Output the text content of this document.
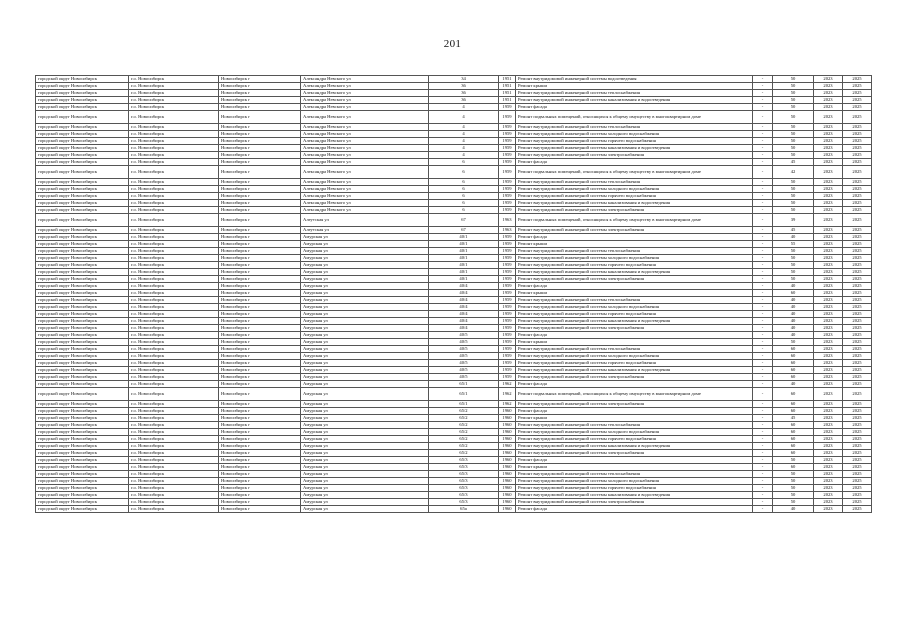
201
городской округ Новосибирск	г.о. Новосибирск	Новосибирск г	Александра Невского ул	34	1951	Ремонт внутридомовой инженерной системы водоотведения	-	50	2023	2025
городской округ Новосибирск	г.о. Новосибирск	Новосибирск г	Александра Невского ул	36	1951	Ремонт крыши	-	50	2023	2025
городской округ Новосибирск	г.о. Новосибирск	Новосибирск г	Александра Невского ул	36	1951	Ремонт внутридомовой инженерной системы теплоснабжения	-	50	2023	2025
городской округ Новосибирск	г.о. Новосибирск	Новосибирск г	Александра Невского ул	36	1951	Ремонт внутридомовой инженерной системы канализования и водоотведения	-	50	2023	2025
городской округ Новосибирск	г.о. Новосибирск	Новосибирск г	Александра Невского ул	4	1959	Ремонт фасада	-	50	2023	2025
городской округ Новосибирск	г.о. Новосибирск	Новосибирск г	Александра Невского ул	4	1959	Ремонт подвальных помещений, относящихся к общему имуществу в многоквартирном доме	-	50	2023	2025
городской округ Новосибирск	г.о. Новосибирск	Новосибирск г	Александра Невского ул	4	1959	Ремонт внутридомовой инженерной системы теплоснабжения	-	50	2023	2025
городской округ Новосибирск	г.о. Новосибирск	Новосибирск г	Александра Невского ул	4	1959	Ремонт внутридомовой инженерной системы холодного водоснабжения	-	50	2023	2025
городской округ Новосибирск	г.о. Новосибирск	Новосибирск г	Александра Невского ул	4	1959	Ремонт внутридомовой инженерной системы горячего водоснабжения	-	50	2023	2025
городской округ Новосибирск	г.о. Новосибирск	Новосибирск г	Александра Невского ул	4	1959	Ремонт внутридомовой инженерной системы канализования и водоотведения	-	50	2023	2025
городской округ Новосибирск	г.о. Новосибирск	Новосибирск г	Александра Невского ул	4	1959	Ремонт внутридомовой инженерной системы электроснабжения	-	50	2023	2025
городской округ Новосибирск	г.о. Новосибирск	Новосибирск г	Александра Невского ул	6	1959	Ремонт фасада	-	45	2023	2025
городской округ Новосибирск	г.о. Новосибирск	Новосибирск г	Александра Невского ул	6	1959	Ремонт подвальных помещений, относящихся к общему имуществу в многоквартирном доме	-	42	2023	2025
городской округ Новосибирск	г.о. Новосибирск	Новосибирск г	Александра Невского ул	6	1959	Ремонт внутридомовой инженерной системы теплоснабжения	-	50	2023	2025
городской округ Новосибирск	г.о. Новосибирск	Новосибирск г	Александра Невского ул	6	1959	Ремонт внутридомовой инженерной системы холодного водоснабжения	-	50	2023	2025
городской округ Новосибирск	г.о. Новосибирск	Новосибирск г	Александра Невского ул	6	1959	Ремонт внутридомовой инженерной системы горячего водоснабжения	-	50	2023	2025
городской округ Новосибирск	г.о. Новосибирск	Новосибирск г	Александра Невского ул	6	1959	Ремонт внутридомовой инженерной системы канализования и водоотведения	-	50	2023	2025
городской округ Новосибирск	г.о. Новосибирск	Новосибирск г	Александра Невского ул	6	1959	Ремонт внутридомовой инженерной системы электроснабжения	-	50	2023	2025
городской округ Новосибирск	г.о. Новосибирск	Новосибирск г	Алеутская ул	67	1963	Ремонт подвальных помещений, относящихся к общему имуществу в многоквартирном доме	-	39	2023	2025
городской округ Новосибирск	г.о. Новосибирск	Новосибирск г	Алеутская ул	67	1963	Ремонт внутридомовой инженерной системы электроснабжения	-	45	2023	2025
городской округ Новосибирск	г.о. Новосибирск	Новосибирск г	Амурская ул	40/1	1959	Ремонт фасада	-	40	2023	2025
городской округ Новосибирск	г.о. Новосибирск	Новосибирск г	Амурская ул	40/1	1959	Ремонт крыши	-	55	2023	2025
городской округ Новосибирск	г.о. Новосибирск	Новосибирск г	Амурская ул	40/1	1959	Ремонт внутридомовой инженерной системы теплоснабжения	-	50	2023	2025
городской округ Новосибирск	г.о. Новосибирск	Новосибирск г	Амурская ул	40/1	1959	Ремонт внутридомовой инженерной системы холодного водоснабжения	-	50	2023	2025
городской округ Новосибирск	г.о. Новосибирск	Новосибирск г	Амурская ул	40/1	1959	Ремонт внутридомовой инженерной системы горячего водоснабжения	-	50	2023	2025
городской округ Новосибирск	г.о. Новосибирск	Новосибирск г	Амурская ул	40/1	1959	Ремонт внутридомовой инженерной системы канализования и водоотведения	-	50	2023	2025
городской округ Новосибирск	г.о. Новосибирск	Новосибирск г	Амурская ул	40/1	1959	Ремонт внутридомовой инженерной системы электроснабжения	-	50	2023	2025
городской округ Новосибирск	г.о. Новосибирск	Новосибирск г	Амурская ул	40/4	1959	Ремонт фасада	-	40	2023	2025
городской округ Новосибирск	г.о. Новосибирск	Новосибирск г	Амурская ул	40/4	1959	Ремонт крыши	-	60	2023	2025
городской округ Новосибирск	г.о. Новосибирск	Новосибирск г	Амурская ул	40/4	1959	Ремонт внутридомовой инженерной системы теплоснабжения	-	40	2023	2025
городской округ Новосибирск	г.о. Новосибирск	Новосибирск г	Амурская ул	40/4	1959	Ремонт внутридомовой инженерной системы холодного водоснабжения	-	40	2023	2025
городской округ Новосибирск	г.о. Новосибирск	Новосибирск г	Амурская ул	40/4	1959	Ремонт внутридомовой инженерной системы горячего водоснабжения	-	40	2023	2025
городской округ Новосибирск	г.о. Новосибирск	Новосибирск г	Амурская ул	40/4	1959	Ремонт внутридомовой инженерной системы канализования и водоотведения	-	40	2023	2025
городской округ Новосибирск	г.о. Новосибирск	Новосибирск г	Амурская ул	40/4	1959	Ремонт внутридомовой инженерной системы электроснабжения	-	40	2023	2025
городской округ Новосибирск	г.о. Новосибирск	Новосибирск г	Амурская ул	40/5	1959	Ремонт фасада	-	40	2023	2025
городской округ Новосибирск	г.о. Новосибирск	Новосибирск г	Амурская ул	40/5	1959	Ремонт крыши	-	50	2023	2025
городской округ Новосибирск	г.о. Новосибирск	Новосибирск г	Амурская ул	40/5	1959	Ремонт внутридомовой инженерной системы теплоснабжения	-	60	2023	2025
городской округ Новосибирск	г.о. Новосибирск	Новосибирск г	Амурская ул	40/5	1959	Ремонт внутридомовой инженерной системы холодного водоснабжения	-	60	2023	2025
городской округ Новосибирск	г.о. Новосибирск	Новосибирск г	Амурская ул	40/5	1959	Ремонт внутридомовой инженерной системы горячего водоснабжения	-	60	2023	2025
городской округ Новосибирск	г.о. Новосибирск	Новосибирск г	Амурская ул	40/5	1959	Ремонт внутридомовой инженерной системы канализования и водоотведения	-	60	2023	2025
городской округ Новосибирск	г.о. Новосибирск	Новосибирск г	Амурская ул	40/5	1959	Ремонт внутридомовой инженерной системы электроснабжения	-	60	2023	2025
городской округ Новосибирск	г.о. Новосибирск	Новосибирск г	Амурская ул	65/1	1962	Ремонт фасада	-	40	2023	2025
городской округ Новосибирск	г.о. Новосибирск	Новосибирск г	Амурская ул	65/1	1962	Ремонт подвальных помещений, относящихся к общему имуществу в многоквартирном доме	-	60	2023	2025
городской округ Новосибирск	г.о. Новосибирск	Новосибирск г	Амурская ул	65/1	1962	Ремонт внутридомовой инженерной системы электроснабжения	-	60	2023	2025
городской округ Новосибирск	г.о. Новосибирск	Новосибирск г	Амурская ул	65/2	1960	Ремонт фасада	-	60	2023	2025
городской округ Новосибирск	г.о. Новосибирск	Новосибирск г	Амурская ул	65/2	1960	Ремонт крыши	-	45	2023	2025
городской округ Новосибирск	г.о. Новосибирск	Новосибирск г	Амурская ул	65/2	1960	Ремонт внутридомовой инженерной системы теплоснабжения	-	60	2023	2025
городской округ Новосибирск	г.о. Новосибирск	Новосибирск г	Амурская ул	65/2	1960	Ремонт внутридомовой инженерной системы холодного водоснабжения	-	60	2023	2025
городской округ Новосибирск	г.о. Новосибирск	Новосибирск г	Амурская ул	65/2	1960	Ремонт внутридомовой инженерной системы горячего водоснабжения	-	60	2023	2025
городской округ Новосибирск	г.о. Новосибирск	Новосибирск г	Амурская ул	65/2	1960	Ремонт внутридомовой инженерной системы канализования и водоотведения	-	60	2023	2025
городской округ Новосибирск	г.о. Новосибирск	Новосибирск г	Амурская ул	65/2	1960	Ремонт внутридомовой инженерной системы электроснабжения	-	60	2023	2025
городской округ Новосибирск	г.о. Новосибирск	Новосибирск г	Амурская ул	65/3	1960	Ремонт фасада	-	50	2023	2025
городской округ Новосибирск	г.о. Новосибирск	Новосибирск г	Амурская ул	65/3	1960	Ремонт крыши	-	60	2023	2025
городской округ Новосибирск	г.о. Новосибирск	Новосибирск г	Амурская ул	65/3	1960	Ремонт внутридомовой инженерной системы теплоснабжения	-	50	2023	2025
городской округ Новосибирск	г.о. Новосибирск	Новосибирск г	Амурская ул	65/3	1960	Ремонт внутридомовой инженерной системы холодного водоснабжения	-	50	2023	2025
городской округ Новосибирск	г.о. Новосибирск	Новосибирск г	Амурская ул	65/3	1960	Ремонт внутридомовой инженерной системы горячего водоснабжения	-	50	2023	2025
городской округ Новосибирск	г.о. Новосибирск	Новосибирск г	Амурская ул	65/3	1960	Ремонт внутридомовой инженерной системы канализования и водоотведения	-	50	2023	2025
городской округ Новосибирск	г.о. Новосибирск	Новосибирск г	Амурская ул	65/3	1960	Ремонт внутридомовой инженерной системы электроснабжения	-	50	2023	2025
городской округ Новосибирск	г.о. Новосибирск	Новосибирск г	Амурская ул	65а	1960	Ремонт фасада	-	40	2023	2025
